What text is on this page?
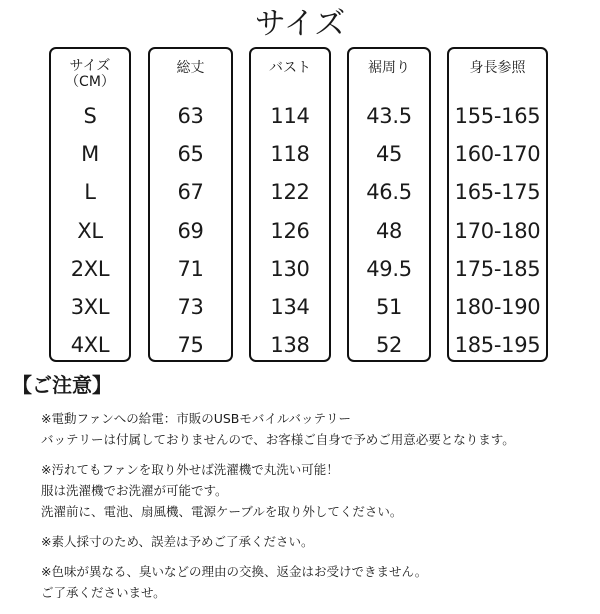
サイズ
サイズ
（CM）
S
M
L
XL
2XL
3XL
4XL
総丈
63
65
67
69
71
73
75
バスト
114
118
122
126
130
134
138
裾周り
43.5
45
46.5
48
49.5
51
52
身長参照
155-165
160-170
165-175
170-180
175-185
180-190
185-195
【ご注意】
※電動ファンへの給電：市販のUSBモバイルバッテリー
バッテリーは付属しておりませんので、お客様ご自身で予めご用意必要となります。
※汚れてもファンを取り外せば洗濯機で丸洗い可能！
服は洗濯機でお洗濯が可能です。
洗濯前に、電池、扇風機、電源ケーブルを取り外してください。
※素人採寸のため、誤差は予めご了承ください。
※色味が異なる、臭いなどの理由の交換、返金はお受けできません。
ご了承くださいませ。
